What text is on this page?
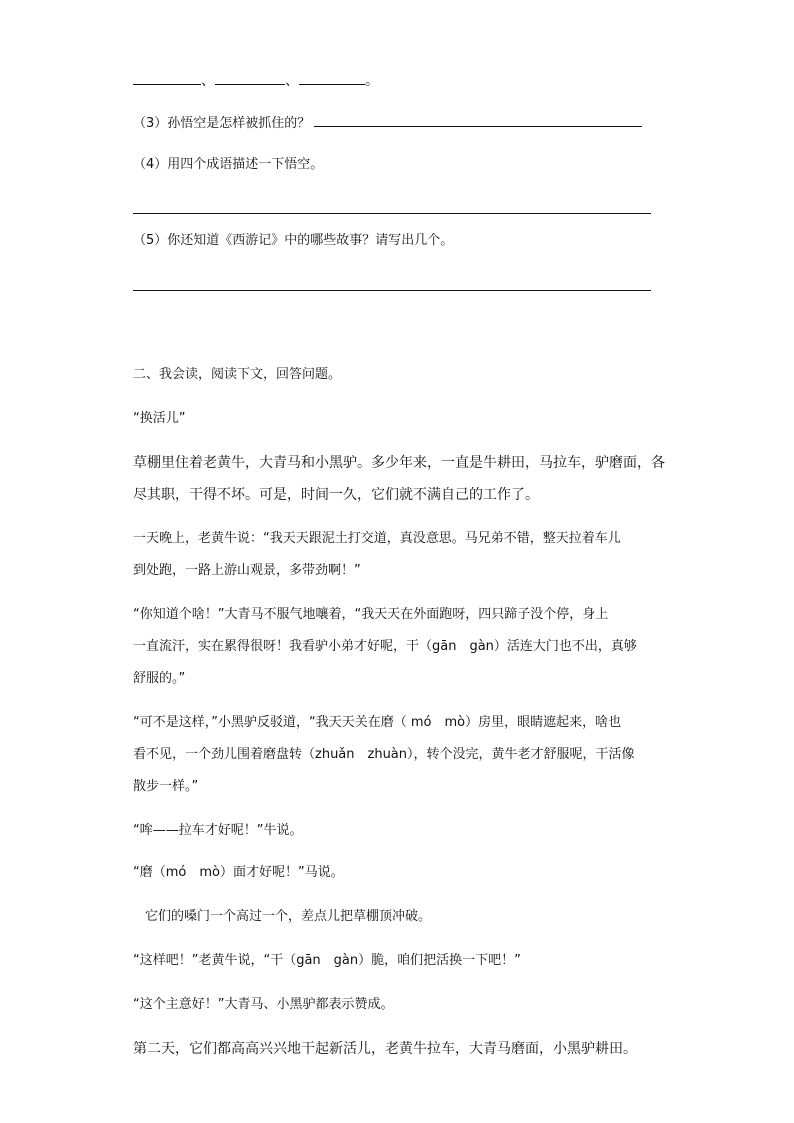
、	、	。
（3）孙悟空是怎样被抓住的？
（4）用四个成语描述一下悟空。
（5）你还知道《西游记》中的哪些故事？请写出几个。
二、我会读，阅读下文，回答问题。
“换活儿”
草棚里住着老黄牛，大青马和小黑驴。多少年来，一直是牛耕田，马拉车，驴磨面，各
尽其职，干得不坏。可是，时间一久，它们就不满自己的工作了。
一天晚上，老黄牛说：“我天天跟泥土打交道，真没意思。马兄弟不错，整天拉着车儿
到处跑，一路上游山观景，多带劲啊！”
“你知道个啥！”大青马不服气地嚷着，“我天天在外面跑呀，四只蹄子没个停，身上
一直流汗，实在累得很呀！我看驴小弟才好呢，干（gān　gàn）活连大门也不出，真够
舒服的。”
“可不是这样，”小黑驴反驳道，“我天天关在磨（ mó　mò）房里，眼睛遮起来，啥也
看不见，一个劲儿围着磨盘转（zhuǎn　zhuàn），转个没完，黄牛老才舒服呢，干活像
散步一样。”
“哞——拉车才好呢！”牛说。
“磨（mó　mò）面才好呢！”马说。
它们的嗓门一个高过一个，差点儿把草棚顶冲破。
“这样吧！”老黄牛说，“干（gān　gàn）脆，咱们把活换一下吧！”
“这个主意好！”大青马、小黑驴都表示赞成。
第二天，它们都高高兴兴地干起新活儿，老黄牛拉车，大青马磨面，小黑驴耕田。
